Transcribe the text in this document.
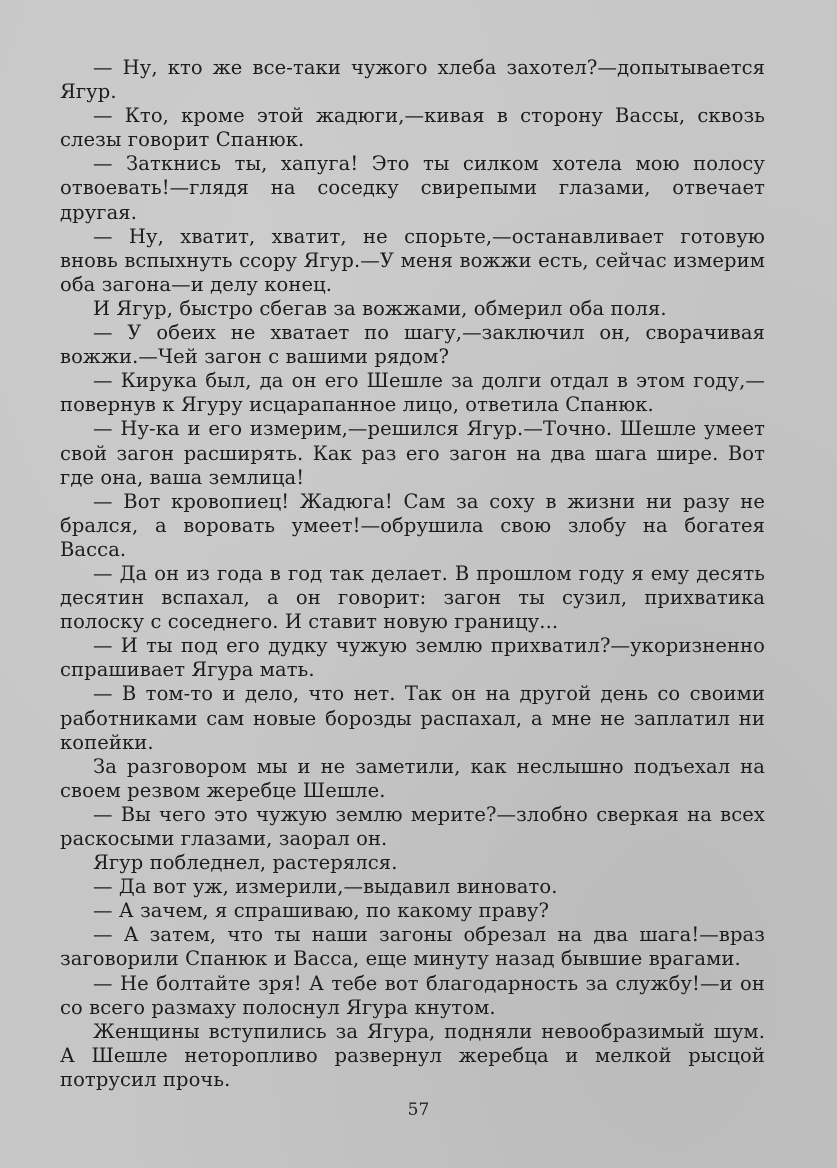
— Ну, кто же все-таки чужого хлеба захотел?—допытывается Ягур.

— Кто, кроме этой жадюги,—кивая в сторону Вассы, сквозь слезы говорит Спанюк.

— Заткнись ты, хапуга! Это ты силком хотела мою полосу отвоевать!—глядя на соседку свирепыми глазами, отвечает другая.

— Ну, хватит, хватит, не спорьте,—останавливает готовую вновь вспыхнуть ссору Ягур.—У меня вожжи есть, сейчас измерим оба загона—и делу конец.

И Ягур, быстро сбегав за вожжами, обмерил оба поля.

— У обеих не хватает по шагу,—заключил он, сворачивая вожжи.—Чей загон с вашими рядом?

— Кирука был, да он его Шешле за долги отдал в этом году,—повернув к Ягуру исцарапанное лицо, ответила Спанюк.

— Ну-ка и его измерим,—решился Ягур.—Точно. Шешле умеет свой загон расширять. Как раз его загон на два шага шире. Вот где она, ваша землица!

— Вот кровопиец! Жадюга! Сам за соху в жизни ни разу не брался, а воровать умеет!—обрушила свою злобу на богатея Васса.

— Да он из года в год так делает. В прошлом году я ему десять десятин вспахал, а он говорит: загон ты сузил, прихватика полоску с соседнего. И ставит новую границу...

— И ты под его дудку чужую землю прихватил?—укоризненно спрашивает Ягура мать.

— В том-то и дело, что нет. Так он на другой день со своими работниками сам новые борозды распахал, а мне не заплатил ни копейки.

За разговором мы и не заметили, как неслышно подъехал на своем резвом жеребце Шешле.

— Вы чего это чужую землю мерите?—злобно сверкая на всех раскосыми глазами, заорал он.

Ягур побледнел, растерялся.

— Да вот уж, измерили,—выдавил виновато.

— А зачем, я спрашиваю, по какому праву?

— А затем, что ты наши загоны обрезал на два шага!—враз заговорили Спанюк и Васса, еще минуту назад бывшие врагами.

— Не болтайте зря! А тебе вот благодарность за службу!—и он со всего размаху полоснул Ягура кнутом.

Женщины вступились за Ягура, подняли невообразимый шум. А Шешле неторопливо развернул жеребца и мелкой рысцой потрусил прочь.

57
